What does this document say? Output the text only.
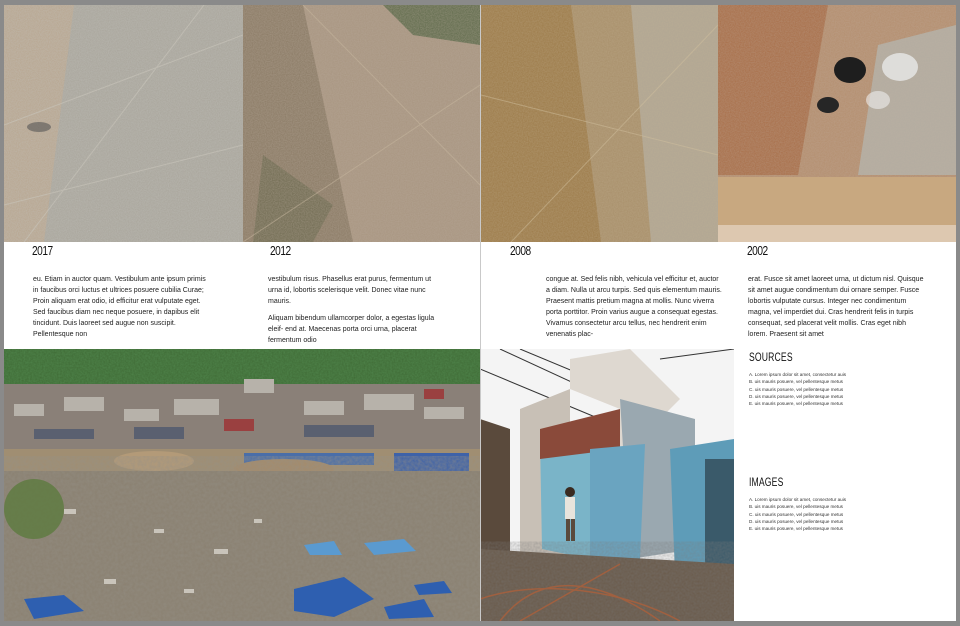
2017	2012	2008	2002

eu. Etiam in auctor quam. Vestibulum ante ipsum primis in faucibus orci luctus et ultrices posuere cubilia Curae; Proin aliquam erat odio, id efficitur erat vulputate eget. Sed faucibus diam nec neque posuere, in dapibus elit tincidunt. Duis laoreet sed augue non suscipit. Pellentesque non

vestibulum risus. Phasellus erat purus, fermentum ut urna id, lobortis scelerisque velit. Donec vitae nunc mauris.

Aliquam bibendum ullamcorper dolor, a egestas ligula eleif- end at. Maecenas porta orci urna, placerat fermentum odio

congue at. Sed felis nibh, vehicula vel efficitur et, auctor a diam. Nulla ut arcu turpis. Sed quis elementum mauris. Praesent mattis pretium magna at mollis. Nunc viverra porta porttitor. Proin varius augue a consequat egestas. Vivamus consectetur arcu tellus, nec hendrerit enim venenatis plac-

erat. Fusce sit amet laoreet urna, ut dictum nisl. Quisque sit amet augue condimentum dui ornare semper. Fusce lobortis vulputate cursus. Integer nec condimentum magna, vel imperdiet dui. Cras hendrerit felis in turpis consequat, sed placerat velit mollis. Cras eget nibh lorem. Praesent sit amet

SOURCES
A. Lorem ipsum dolor sit amet, consectetur auis
B. uis mauris posuere, vel pellentesque metus
C. uis mauris posuere, vel pellentesque metus
D. uis mauris posuere, vel pellentesque metus
E. uis mauris posuere, vel pellentesque metus
IMAGES
A. Lorem ipsum dolor sit amet, consectetur auis
B. uis mauris posuere, vel pellentesque metus
C. uis mauris posuere, vel pellentesque metus
D. uis mauris posuere, vel pellentesque metus
E. uis mauris posuere, vel pellentesque metus
